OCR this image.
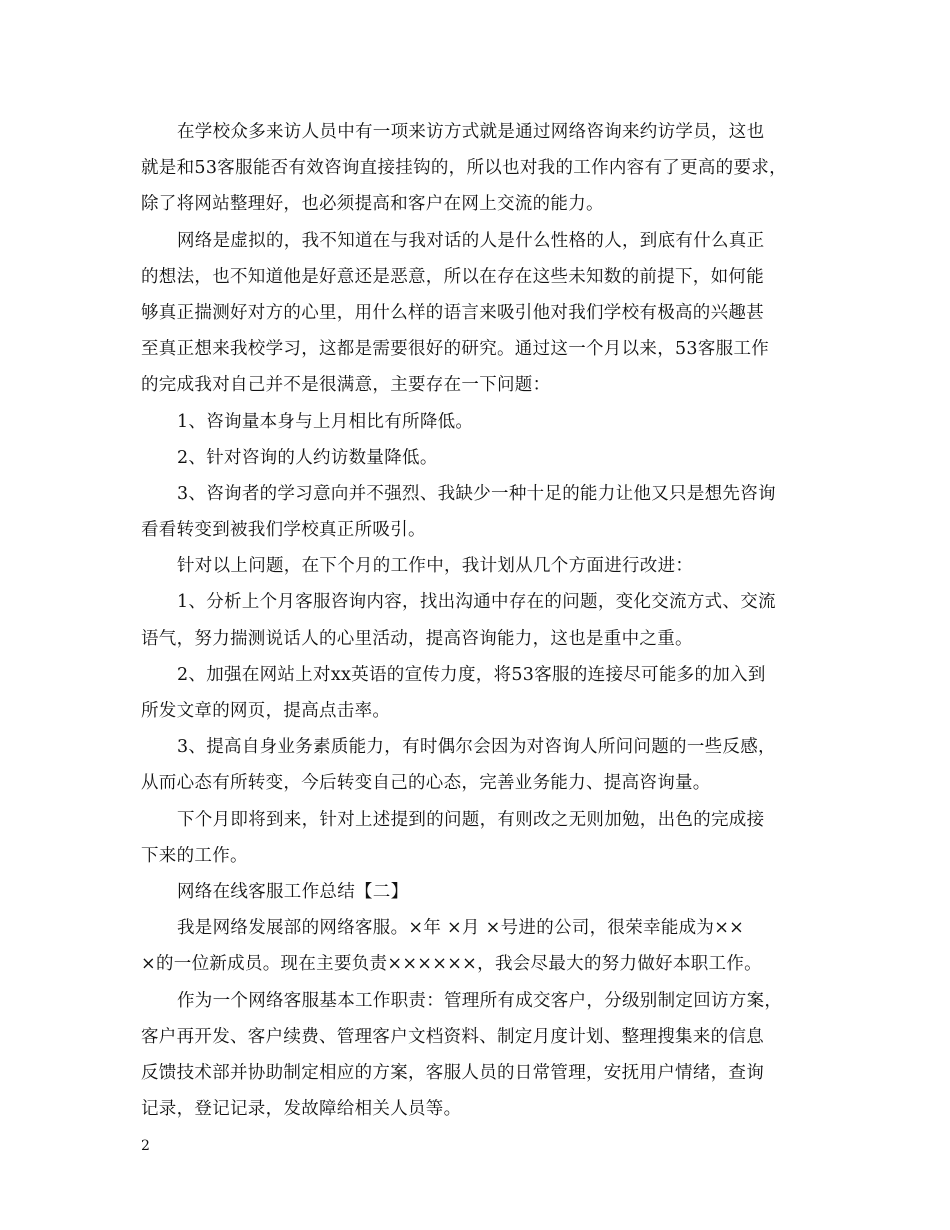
在学校众多来访人员中有一项来访方式就是通过网络咨询来约访学员，这也
就是和53客服能否有效咨询直接挂钩的，所以也对我的工作内容有了更高的要求，
除了将网站整理好，也必须提高和客户在网上交流的能力。
网络是虚拟的，我不知道在与我对话的人是什么性格的人，到底有什么真正
的想法，也不知道他是好意还是恶意，所以在存在这些未知数的前提下，如何能
够真正揣测好对方的心里，用什么样的语言来吸引他对我们学校有极高的兴趣甚
至真正想来我校学习，这都是需要很好的研究。通过这一个月以来，53客服工作
的完成我对自己并不是很满意，主要存在一下问题：
1、咨询量本身与上月相比有所降低。
2、针对咨询的人约访数量降低。
3、咨询者的学习意向并不强烈、我缺少一种十足的能力让他又只是想先咨询
看看转变到被我们学校真正所吸引。
针对以上问题，在下个月的工作中，我计划从几个方面进行改进：
1、分析上个月客服咨询内容，找出沟通中存在的问题，变化交流方式、交流
语气，努力揣测说话人的心里活动，提高咨询能力，这也是重中之重。
2、加强在网站上对xx英语的宣传力度，将53客服的连接尽可能多的加入到
所发文章的网页，提高点击率。
3、提高自身业务素质能力，有时偶尔会因为对咨询人所问问题的一些反感，
从而心态有所转变，今后转变自己的心态，完善业务能力、提高咨询量。
下个月即将到来，针对上述提到的问题，有则改之无则加勉，出色的完成接
下来的工作。
网络在线客服工作总结【二】
我是网络发展部的网络客服。×年 ×月 ×号进的公司，很荣幸能成为××
×的一位新成员。现在主要负责××××××，我会尽最大的努力做好本职工作。
作为一个网络客服基本工作职责：管理所有成交客户，分级别制定回访方案，
客户再开发、客户续费、管理客户文档资料、制定月度计划、整理搜集来的信息
反馈技术部并协助制定相应的方案，客服人员的日常管理，安抚用户情绪，查询
记录，登记记录，发故障给相关人员等。
2
